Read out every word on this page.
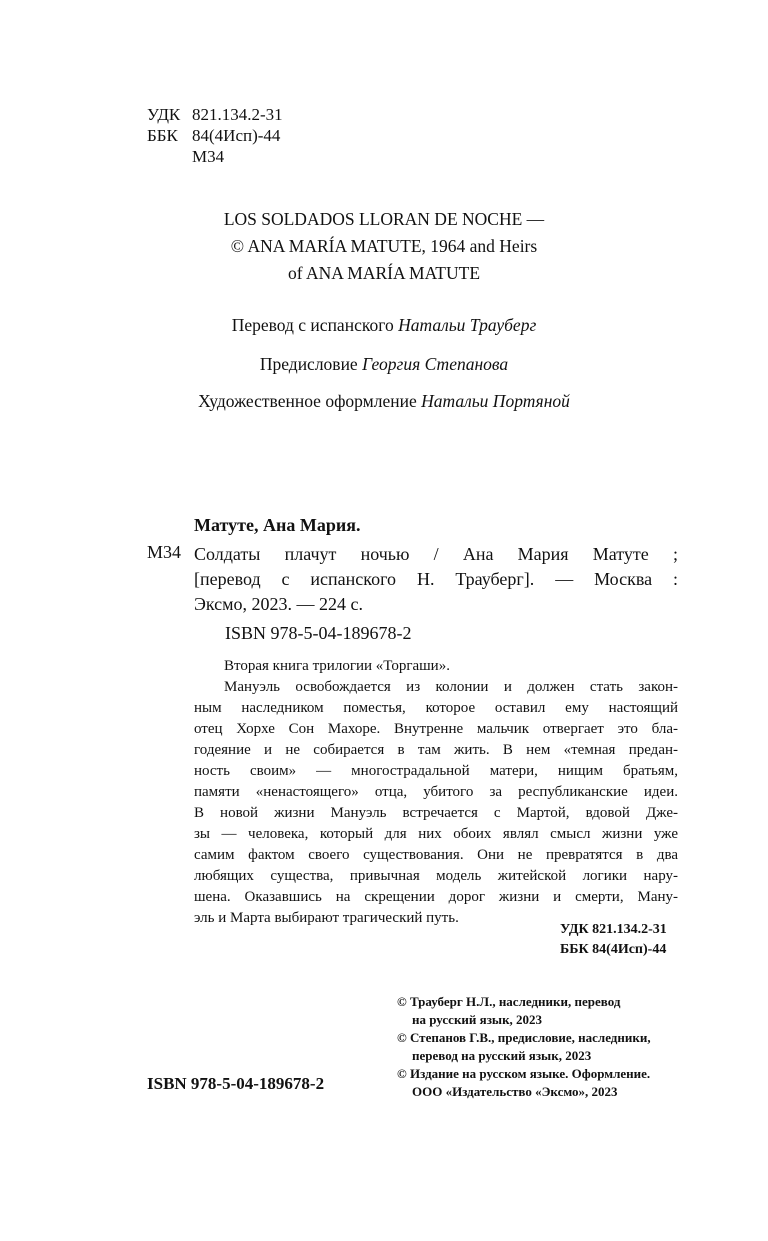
УДК 821.134.2-31
ББК 84(4Исп)-44
М34
LOS SOLDADOS LLORAN DE NOCHE —
© ANA MARÍA MATUTE, 1964 and Heirs
of ANA MARÍA MATUTE
Перевод с испанского Натальи Трауберг
Предисловие Георгия Степанова
Художественное оформление Натальи Портяной
Матуте, Ана Мария.
М34 Солдаты плачут ночью / Ана Мария Матуте ;
[перевод с испанского Н. Трауберг]. — Москва :
Эксмо, 2023. — 224 с.
ISBN 978-5-04-189678-2
Вторая книга трилогии «Торгаши».
Мануэль освобождается из колонии и должен стать закон-
ным наследником поместья, которое оставил ему настоящий
отец Хорхе Сон Махоре. Внутренне мальчик отвергает это бла-
годеяние и не собирается в там жить. В нем «темная предан-
ность своим» — многострадальной матери, нищим братьям,
памяти «ненастоящего» отца, убитого за республиканские идеи.
В новой жизни Мануэль встречается с Мартой, вдовой Дже-
зы — человека, который для них обоих являл смысл жизни уже
самим фактом своего существования. Они не превратятся в два
любящих существа, привычная модель житейской логики нару-
шена. Оказавшись на скрещении дорог жизни и смерти, Ману-
эль и Марта выбирают трагический путь.
УДК 821.134.2-31
ББК 84(4Исп)-44
© Трауберг Н.Л., наследники, перевод
на русский язык, 2023
© Степанов Г.В., предисловие, наследники,
перевод на русский язык, 2023
© Издание на русском языке. Оформление.
ООО «Издательство «Эксмо», 2023
ISBN 978-5-04-189678-2
